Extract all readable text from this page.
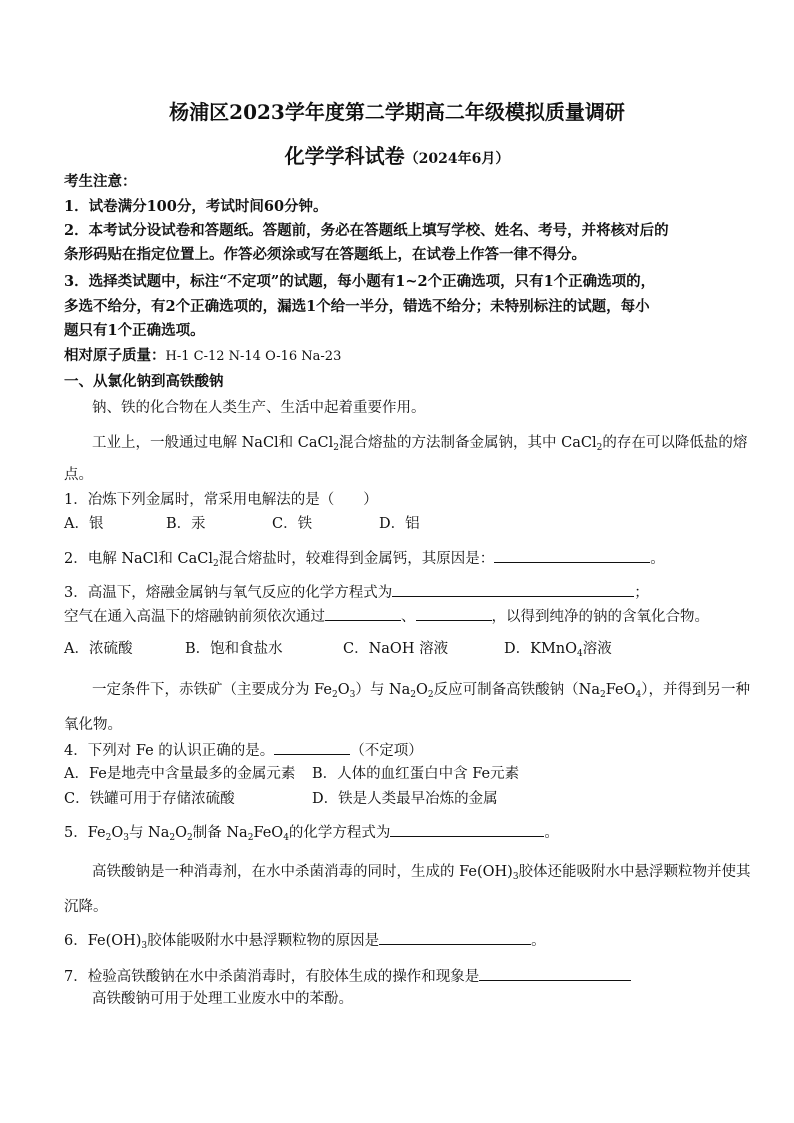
杨浦区2023学年度第二学期高二年级模拟质量调研
化学学科试卷（2024年6月）
考生注意：
1．试卷满分100分，考试时间60分钟。
2．本考试分设试卷和答题纸。答题前，务必在答题纸上填写学校、姓名、考号，并将核对后的
条形码贴在指定位置上。作答必须涂或写在答题纸上，在试卷上作答一律不得分。
3．选择类试题中，标注“不定项”的试题，每小题有1~2个正确选项，只有1个正确选项的，
多选不给分，有2个正确选项的，漏选1个给一半分，错选不给分；未特别标注的试题，每小
题只有1个正确选项。
相对原子质量：H-1 C-12 N-14 O-16 Na-23
一、从氯化钠到高铁酸钠
钠、铁的化合物在人类生产、生活中起着重要作用。
工业上，一般通过电解 NaCl和 CaCl$_2$混合熔盐的方法制备金属钠，其中 CaCl$_2$的存在可以降低盐的熔
点。
1．冶炼下列金属时，常采用电解法的是（　　）
A．银	B．汞	C．铁	D．铝
2．电解 NaCl和 CaCl$_2$混合熔盐时，较难得到金属钙，其原因是：	。
3．高温下，熔融金属钠与氧气反应的化学方程式为	；
空气在通入高温下的熔融钠前须依次通过	、	，以得到纯净的钠的含氧化合物。
A．浓硫酸	B．饱和食盐水	C．NaOH 溶液	D．KMnO$_4$溶液
一定条件下，赤铁矿（主要成分为 $Fe_2O_3$）与 $Na_2O_2$反应可制备高铁酸钠$(Na_2FeO_4)$，并得到另一种
氧化物。
4．下列对 Fe 的认识正确的是。	（不定项）
A．Fe是地壳中含量最多的金属元素 B．人体的血红蛋白中含 Fe元素
C．铁罐可用于存储浓硫酸	D．铁是人类最早冶炼的金属
5．$Fe_2O_3$与 $Na_2O_2$制备 $Na_2FeO_4$的化学方程式为	。
高铁酸钠是一种消毒剂，在水中杀菌消毒的同时，生成的 $Fe(OH)_3$胶体还能吸附水中悬浮颗粒物并使其
沉降。
6．$Fe(OH)_3$胶体能吸附水中悬浮颗粒物的原因是	。
7．检验高铁酸钠在水中杀菌消毒时，有胶体生成的操作和现象是
高铁酸钠可用于处理工业废水中的苯酚。
